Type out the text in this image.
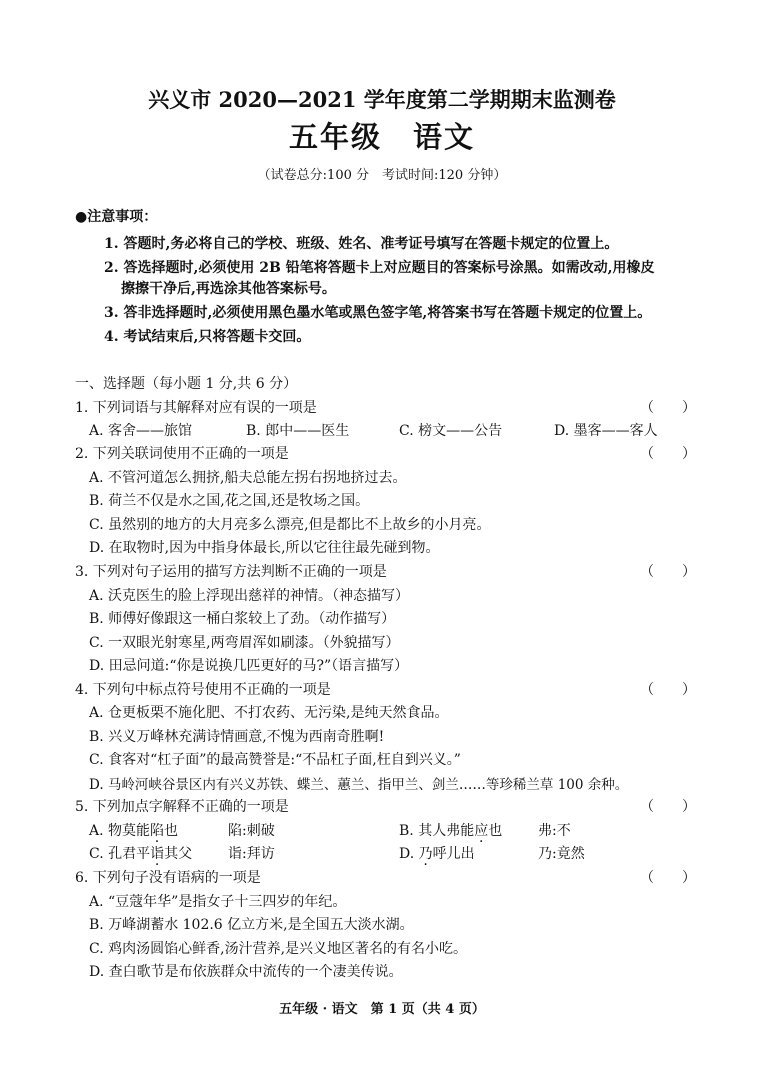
兴义市 2020—2021 学年度第二学期期末监测卷
五年级　语文
（试卷总分:100 分　考试时间:120 分钟）
●注意事项：
1. 答题时,务必将自己的学校、班级、姓名、准考证号填写在答题卡规定的位置上。
2. 答选择题时,必须使用 2B 铅笔将答题卡上对应题目的答案标号涂黑。如需改动,用橡皮
擦擦干净后,再选涂其他答案标号。
3. 答非选择题时,必须使用黑色墨水笔或黑色签字笔,将答案书写在答题卡规定的位置上。
4. 考试结束后,只将答题卡交回。
一、选择题（每小题 1 分,共 6 分）
1. 下列词语与其解释对应有误的一项是	（　　）
A. 客舍——旅馆	B. 郎中——医生	C. 榜文——公告	D. 墨客——客人
2. 下列关联词使用不正确的一项是	（　　）
A. 不管河道怎么拥挤,船夫总能左拐右拐地挤过去。
B. 荷兰不仅是水之国,花之国,还是牧场之国。
C. 虽然别的地方的大月亮多么漂亮,但是都比不上故乡的小月亮。
D. 在取物时,因为中指身体最长,所以它往往最先碰到物。
3. 下列对句子运用的描写方法判断不正确的一项是	（　　）
A. 沃克医生的脸上浮现出慈祥的神情。（神态描写）
B. 师傅好像跟这一桶白浆较上了劲。（动作描写）
C. 一双眼光射寒星,两弯眉浑如刷漆。（外貌描写）
D. 田忌问道:“你是说换几匹更好的马?”（语言描写）
4. 下列句中标点符号使用不正确的一项是	（　　）
A. 仓更板栗不施化肥、不打农药、无污染,是纯天然食品。
B. 兴义万峰林充满诗情画意,不愧为西南奇胜啊!
C. 食客对“杠子面”的最高赞誉是:“不品杠子面,枉自到兴义。”
D. 马岭河峡谷景区内有兴义苏铁、蝶兰、蕙兰、指甲兰、剑兰……等珍稀兰草 100 余种。
5. 下列加点字解释不正确的一项是	（　　）
A. 物莫能陷也	陷:刺破	B. 其人弗能应也	弗:不
C. 孔君平诣其父	诣:拜访	D. 乃呼儿出	乃:竟然
6. 下列句子没有语病的一项是	（　　）
A. “豆蔻年华”是指女子十三四岁的年纪。
B. 万峰湖蓄水 102.6 亿立方米,是全国五大淡水湖。
C. 鸡肉汤圆馅心鲜香,汤汁营养,是兴义地区著名的有名小吃。
D. 查白歌节是布依族群众中流传的一个凄美传说。
五年级 · 语文　第 1 页（共 4 页）
